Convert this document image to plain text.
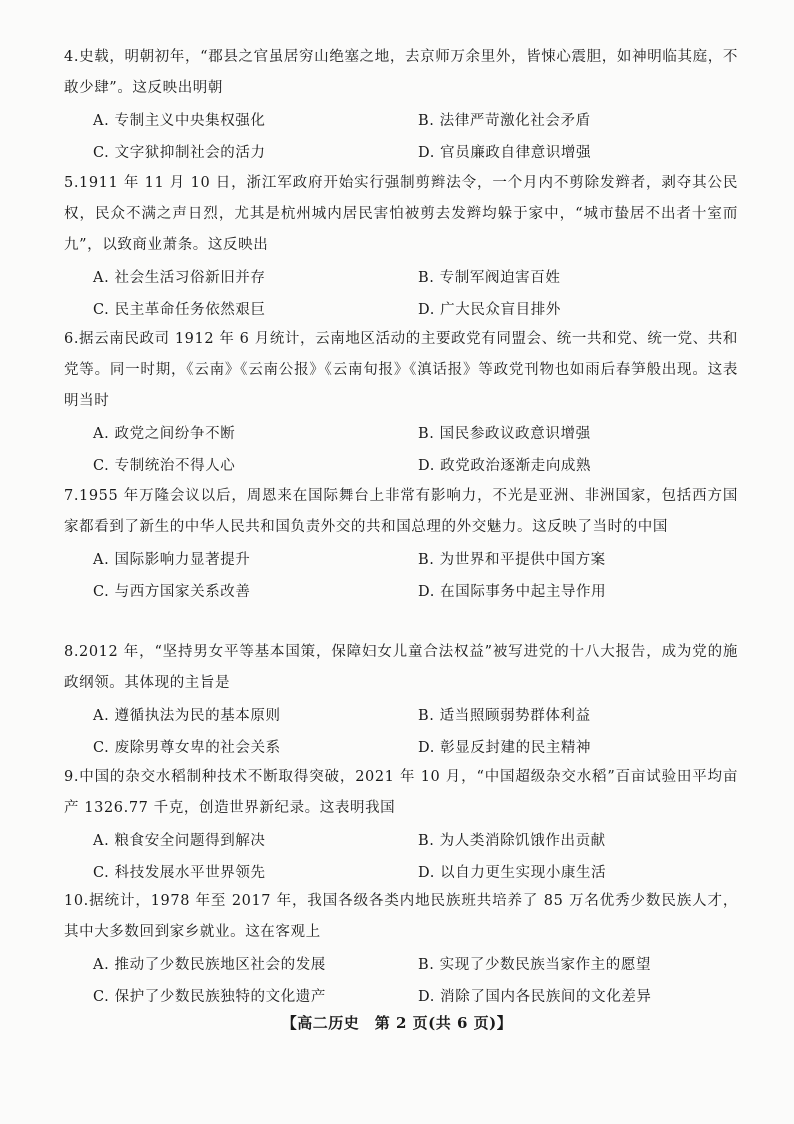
4.史载，明朝初年，“郡县之官虽居穷山绝塞之地，去京师万余里外，皆悚心震胆，如神明临其庭，不敢少肆”。这反映出明朝
A. 专制主义中央集权强化	B. 法律严苛激化社会矛盾
C. 文字狱抑制社会的活力	D. 官员廉政自律意识增强
5.1911 年 11 月 10 日，浙江军政府开始实行强制剪辫法令，一个月内不剪除发辫者，剥夺其公民权，民众不满之声日烈，尤其是杭州城内居民害怕被剪去发辫均躲于家中，“城市蛰居不出者十室而九”，以致商业萧条。这反映出
A. 社会生活习俗新旧并存	B. 专制军阀迫害百姓
C. 民主革命任务依然艰巨	D. 广大民众盲目排外
6.据云南民政司 1912 年 6 月统计，云南地区活动的主要政党有同盟会、统一共和党、统一党、共和党等。同一时期，《云南》《云南公报》《云南旬报》《滇话报》等政党刊物也如雨后春笋般出现。这表明当时
A. 政党之间纷争不断	B. 国民参政议政意识增强
C. 专制统治不得人心	D. 政党政治逐渐走向成熟
7.1955 年万隆会议以后，周恩来在国际舞台上非常有影响力，不光是亚洲、非洲国家，包括西方国家都看到了新生的中华人民共和国负责外交的共和国总理的外交魅力。这反映了当时的中国
A. 国际影响力显著提升	B. 为世界和平提供中国方案
C. 与西方国家关系改善	D. 在国际事务中起主导作用
8.2012 年，“坚持男女平等基本国策，保障妇女儿童合法权益”被写进党的十八大报告，成为党的施政纲领。其体现的主旨是
A. 遵循执法为民的基本原则	B. 适当照顾弱势群体利益
C. 废除男尊女卑的社会关系	D. 彰显反封建的民主精神
9.中国的杂交水稻制种技术不断取得突破，2021 年 10 月，“中国超级杂交水稻”百亩试验田平均亩产 1326.77 千克，创造世界新纪录。这表明我国
A. 粮食安全问题得到解决	B. 为人类消除饥饿作出贡献
C. 科技发展水平世界领先	D. 以自力更生实现小康生活
10.据统计，1978 年至 2017 年，我国各级各类内地民族班共培养了 85 万名优秀少数民族人才，其中大多数回到家乡就业。这在客观上
A. 推动了少数民族地区社会的发展	B. 实现了少数民族当家作主的愿望
C. 保护了少数民族独特的文化遗产	D. 消除了国内各民族间的文化差异
【高二历史　第 2 页(共 6 页)】
